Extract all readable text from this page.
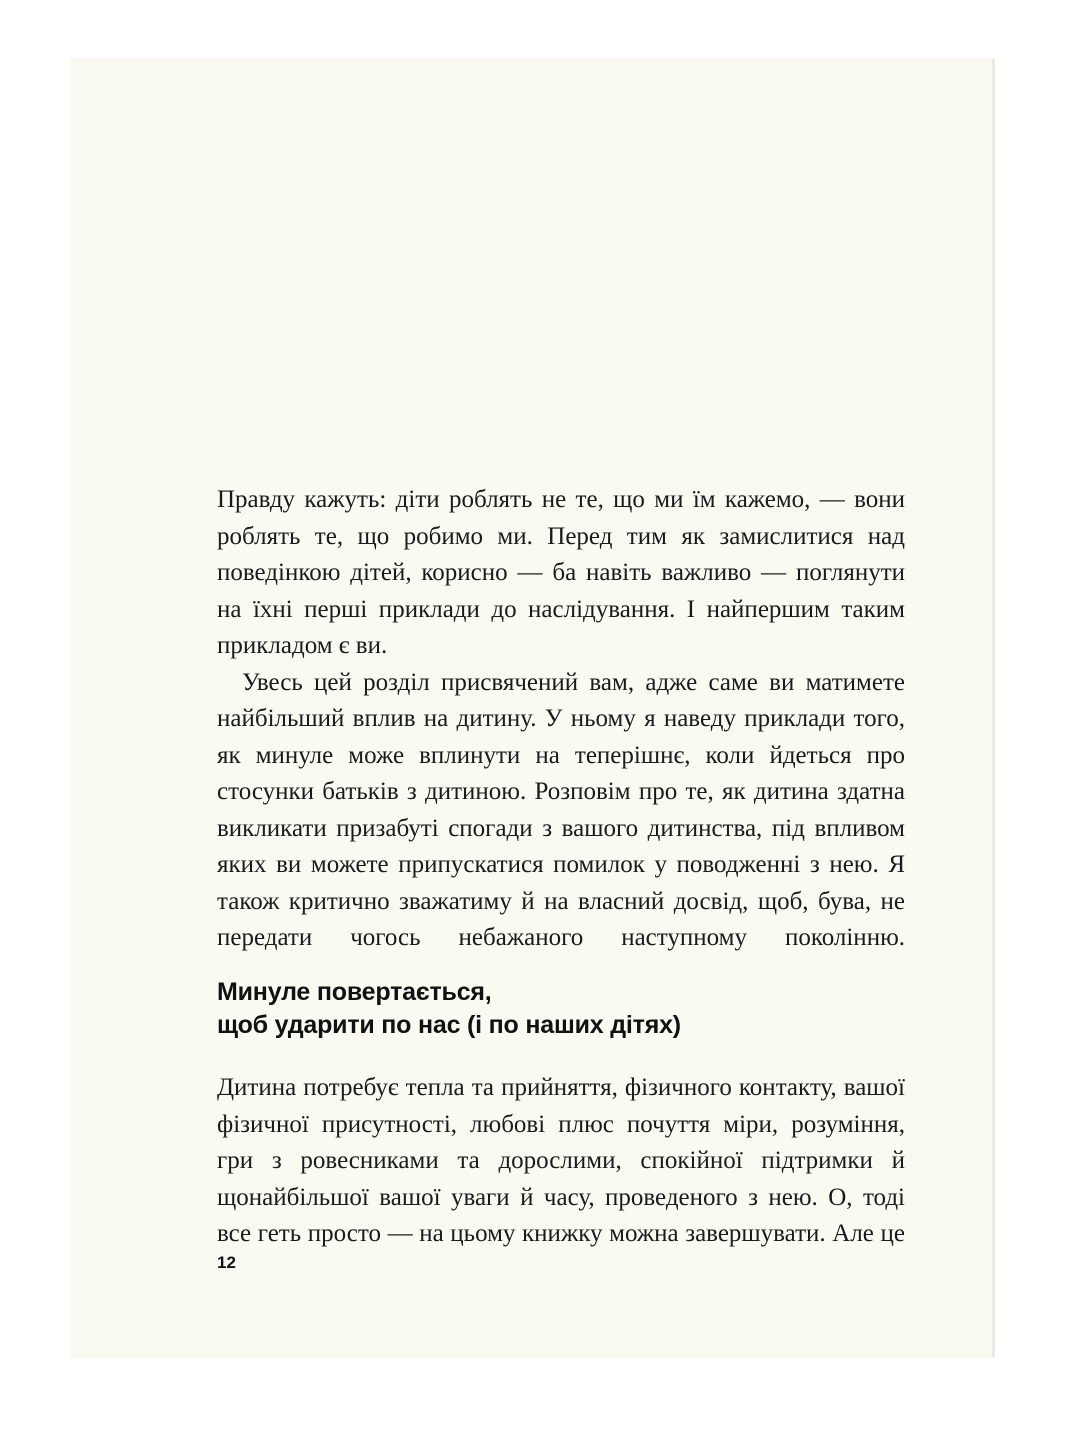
Правду кажуть: діти роблять не те, що ми їм кажемо, — вони роблять те, що робимо ми. Перед тим як замислитися над поведінкою дітей, корисно — ба навіть важливо — поглянути на їхні перші приклади до наслідування. І найпершим таким прикладом є ви.

Увесь цей розділ присвячений вам, адже саме ви матимете найбільший вплив на дитину. У ньому я наведу приклади того, як минуле може вплинути на теперішнє, коли йдеться про стосунки батьків з дитиною. Розповім про те, як дитина здатна викликати призабуті спогади з вашого дитинства, під впливом яких ви можете припускатися помилок у поводженні з нею. Я також критично зважатиму й на власний досвід, щоб, бува, не передати чогось небажаного наступному поколінню.

Минуле повертається,
щоб ударити по нас (і по наших дітях)

Дитина потребує тепла та прийняття, фізичного контакту, вашої фізичної присутності, любові плюс почуття міри, розуміння, гри з ровесниками та дорослими, спокійної підтримки й щонайбільшої вашої уваги й часу, проведеного з нею. О, тоді все геть просто — на цьому книжку можна завершувати. Але це

12
